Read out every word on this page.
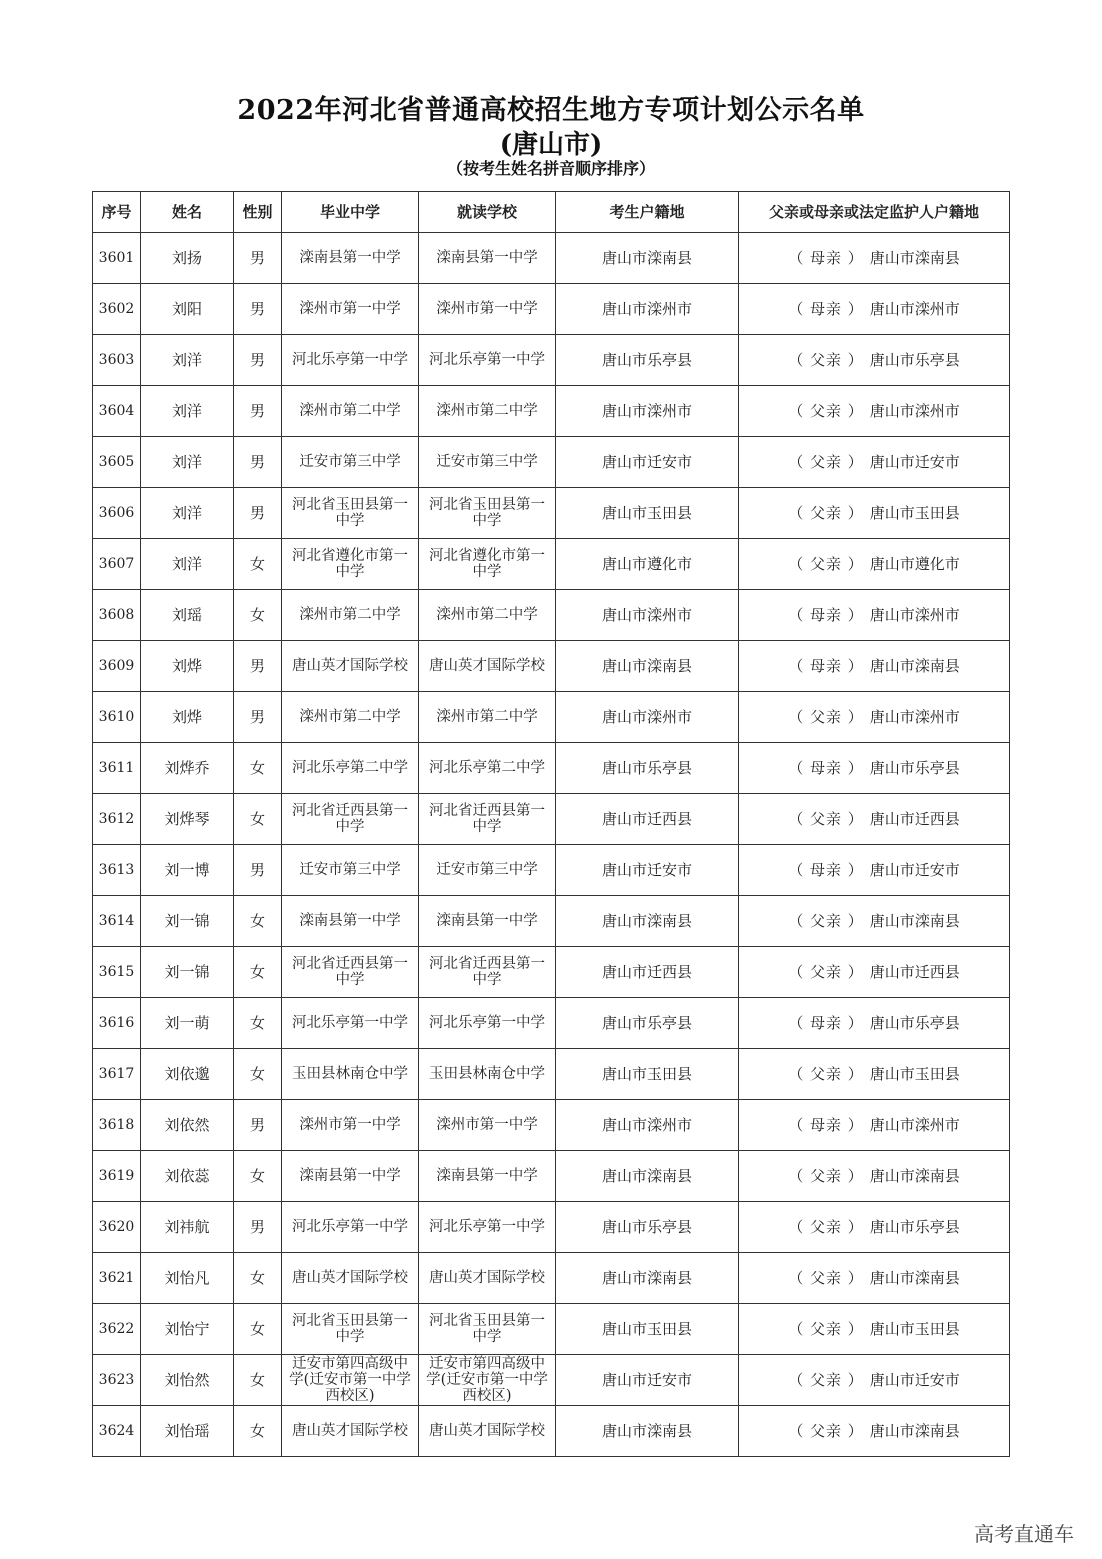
2022年河北省普通高校招生地方专项计划公示名单
(唐山市)
（按考生姓名拼音顺序排序）
序号	姓名	性别	毕业中学	就读学校	考生户籍地	父亲或母亲或法定监护人户籍地
3601	刘扬	男	滦南县第一中学	滦南县第一中学	唐山市滦南县	（ 母亲 ） 唐山市滦南县
3602	刘阳	男	滦州市第一中学	滦州市第一中学	唐山市滦州市	（ 母亲 ） 唐山市滦州市
3603	刘洋	男	河北乐亭第一中学	河北乐亭第一中学	唐山市乐亭县	（ 父亲 ） 唐山市乐亭县
3604	刘洋	男	滦州市第二中学	滦州市第二中学	唐山市滦州市	（ 父亲 ） 唐山市滦州市
3605	刘洋	男	迁安市第三中学	迁安市第三中学	唐山市迁安市	（ 父亲 ） 唐山市迁安市
3606	刘洋	男	河北省玉田县第一中学	河北省玉田县第一中学	唐山市玉田县	（ 父亲 ） 唐山市玉田县
3607	刘洋	女	河北省遵化市第一中学	河北省遵化市第一中学	唐山市遵化市	（ 父亲 ） 唐山市遵化市
3608	刘瑶	女	滦州市第二中学	滦州市第二中学	唐山市滦州市	（ 母亲 ） 唐山市滦州市
3609	刘烨	男	唐山英才国际学校	唐山英才国际学校	唐山市滦南县	（ 母亲 ） 唐山市滦南县
3610	刘烨	男	滦州市第二中学	滦州市第二中学	唐山市滦州市	（ 父亲 ） 唐山市滦州市
3611	刘烨乔	女	河北乐亭第二中学	河北乐亭第二中学	唐山市乐亭县	（ 母亲 ） 唐山市乐亭县
3612	刘烨琴	女	河北省迁西县第一中学	河北省迁西县第一中学	唐山市迁西县	（ 父亲 ） 唐山市迁西县
3613	刘一博	男	迁安市第三中学	迁安市第三中学	唐山市迁安市	（ 母亲 ） 唐山市迁安市
3614	刘一锦	女	滦南县第一中学	滦南县第一中学	唐山市滦南县	（ 父亲 ） 唐山市滦南县
3615	刘一锦	女	河北省迁西县第一中学	河北省迁西县第一中学	唐山市迁西县	（ 父亲 ） 唐山市迁西县
3616	刘一萌	女	河北乐亭第一中学	河北乐亭第一中学	唐山市乐亭县	（ 母亲 ） 唐山市乐亭县
3617	刘依邈	女	玉田县林南仓中学	玉田县林南仓中学	唐山市玉田县	（ 父亲 ） 唐山市玉田县
3618	刘依然	男	滦州市第一中学	滦州市第一中学	唐山市滦州市	（ 母亲 ） 唐山市滦州市
3619	刘依蕊	女	滦南县第一中学	滦南县第一中学	唐山市滦南县	（ 父亲 ） 唐山市滦南县
3620	刘祎航	男	河北乐亭第一中学	河北乐亭第一中学	唐山市乐亭县	（ 父亲 ） 唐山市乐亭县
3621	刘怡凡	女	唐山英才国际学校	唐山英才国际学校	唐山市滦南县	（ 父亲 ） 唐山市滦南县
3622	刘怡宁	女	河北省玉田县第一中学	河北省玉田县第一中学	唐山市玉田县	（ 父亲 ） 唐山市玉田县
3623	刘怡然	女	迁安市第四高级中学(迁安市第一中学西校区)	迁安市第四高级中学(迁安市第一中学西校区)	唐山市迁安市	（ 父亲 ） 唐山市迁安市
3624	刘怡瑶	女	唐山英才国际学校	唐山英才国际学校	唐山市滦南县	（ 父亲 ） 唐山市滦南县
高考直通车
